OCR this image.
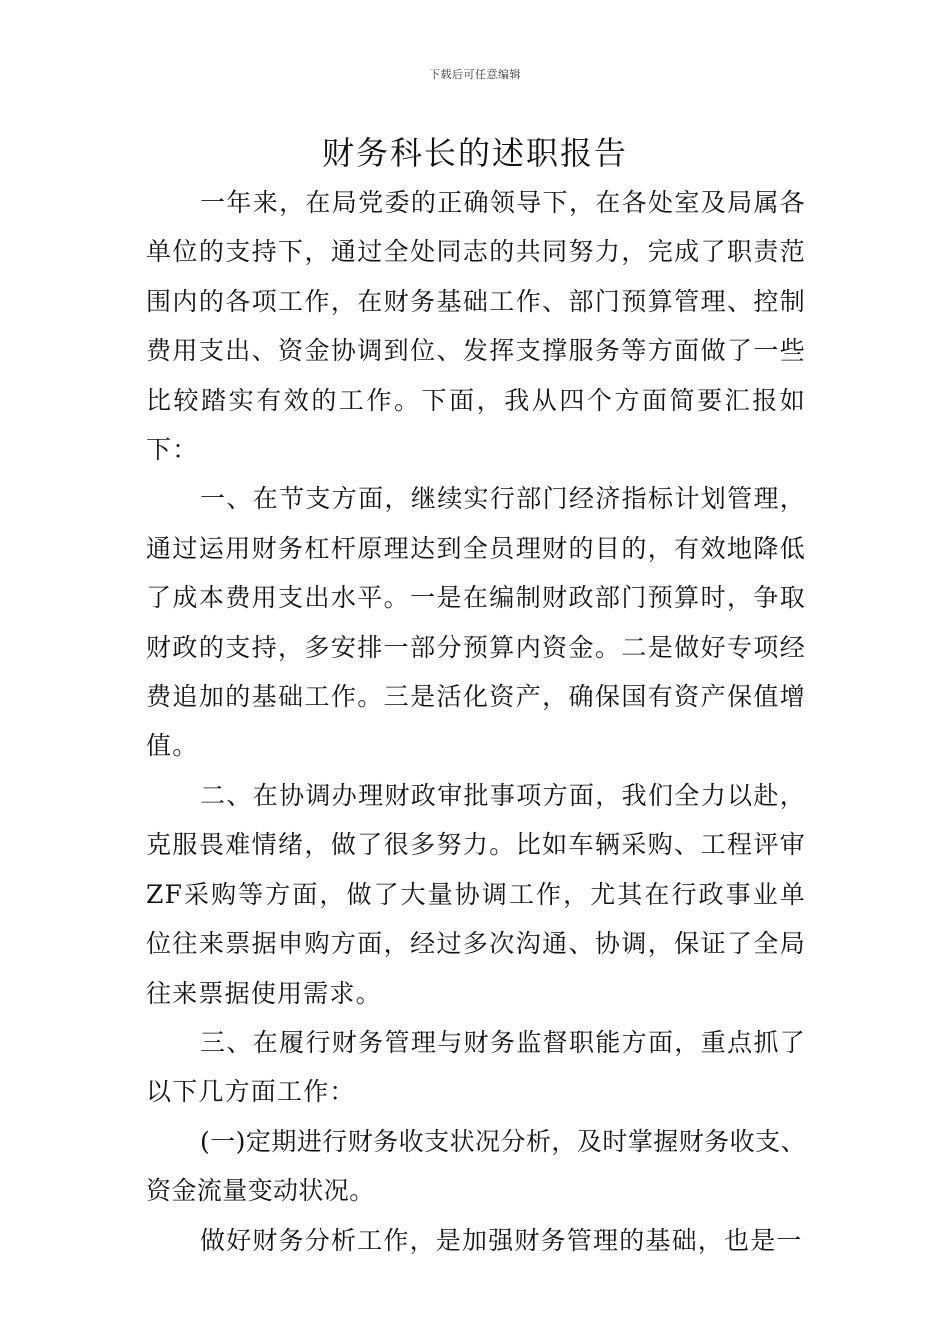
下载后可任意编辑
财务科长的述职报告

一年来，在局党委的正确领导下，在各处室及局属各单位的支持下，通过全处同志的共同努力，完成了职责范围内的各项工作，在财务基础工作、部门预算管理、控制费用支出、资金协调到位、发挥支撑服务等方面做了一些比较踏实有效的工作。下面，我从四个方面简要汇报如下：

一、在节支方面，继续实行部门经济指标计划管理，通过运用财务杠杆原理达到全员理财的目的，有效地降低了成本费用支出水平。一是在编制财政部门预算时，争取财政的支持，多安排一部分预算内资金。二是做好专项经费追加的基础工作。三是活化资产，确保国有资产保值增值。

二、在协调办理财政审批事项方面，我们全力以赴，克服畏难情绪，做了很多努力。比如车辆采购、工程评审ZF采购等方面，做了大量协调工作，尤其在行政事业单位往来票据申购方面，经过多次沟通、协调，保证了全局往来票据使用需求。

三、在履行财务管理与财务监督职能方面，重点抓了以下几方面工作：

(一)定期进行财务收支状况分析，及时掌握财务收支、资金流量变动状况。

做好财务分析工作，是加强财务管理的基础，也是一
